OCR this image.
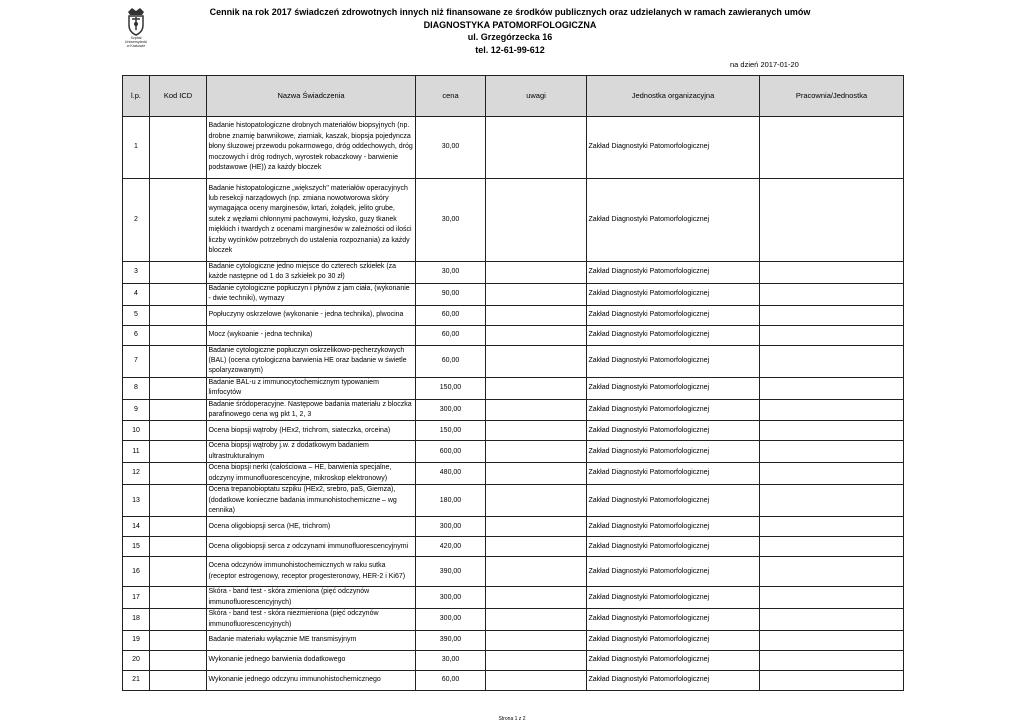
Szpital
Uniwersytecki
w Krakowie
Cennik na rok 2017 świadczeń zdrowotnych innych niż finansowane ze środków publicznych oraz udzielanych w ramach zawieranych umów
DIAGNOSTYKA PATOMORFOLOGICZNA
ul. Grzegórzecka 16
tel. 12-61-99-612
na dzień 2017-01-20
l.p.	Kod ICD	Nazwa Świadczenia	cena	uwagi	Jednostka organizacyjna	Pracownia/Jednostka
1		Badanie histopatologiczne drobnych materiałów biopsyjnych (np. drobne znamię barwnikowe, ziarniak, kaszak, biopsja pojedyncza błony śluzowej przewodu pokarmowego, dróg oddechowych, dróg moczowych i dróg rodnych, wyrostek robaczkowy - barwienie podstawowe (HE)) za każdy bloczek	30,00		Zakład Diagnostyki Patomorfologicznej	
2		Badanie histopatologiczne „większych" materiałów operacyjnych lub resekcji narządowych (np. zmiana nowotworowa skóry wymagająca oceny marginesów, krtań, żołądek, jelito grube, sutek z węzłami chłonnymi pachowymi, łożysko, guzy tkanek miękkich i twardych z ocenami marginesów w zależności od ilości liczby wycinków potrzebnych do ustalenia rozpoznania) za każdy bloczek	30,00		Zakład Diagnostyki Patomorfologicznej	
3		Badanie cytologiczne jedno miejsce do czterech szkiełek (za każde następne od 1 do 3 szkiełek po 30 zł)	30,00		Zakład Diagnostyki Patomorfologicznej	
4		Badanie cytologiczne popłuczyn i płynów z jam ciała, (wykonanie - dwie techniki), wymazy	90,00		Zakład Diagnostyki Patomorfologicznej	
5		Popłuczyny oskrzelowe (wykonanie - jedna technika), plwocina	60,00		Zakład Diagnostyki Patomorfologicznej	
6		Mocz (wykoanie - jedna technika)	60,00		Zakład Diagnostyki Patomorfologicznej	
7		Badanie cytologiczne popłuczyn oskrzelikowo-pęcherzykowych (BAL) (ocena cytologiczna barwienia HE oraz badanie w świetle spolaryzowanym)	60,00		Zakład Diagnostyki Patomorfologicznej	
8		Badanie BAL-u z immunocytochemicznym typowaniem limfocytów	150,00		Zakład Diagnostyki Patomorfologicznej	
9		Badanie śródoperacyjne. Następowe badania materiału z bloczka parafinowego cena wg pkt 1, 2, 3	300,00		Zakład Diagnostyki Patomorfologicznej	
10		Ocena biopsji wątroby (HEx2, trichrom, siateczka, orceina)	150,00		Zakład Diagnostyki Patomorfologicznej	
11		Ocena biopsji wątroby j.w. z dodatkowym badaniem ultrastrukturalnym	600,00		Zakład Diagnostyki Patomorfologicznej	
12		Ocena biopsji nerki (całościowa – HE, barwienia specjalne, odczyny immunofluorescencyjne, mikroskop elektronowy)	480,00		Zakład Diagnostyki Patomorfologicznej	
13		Ocena trepanobioptatu szpiku (HEx2, srebro, paS, Giemza), (dodatkowe konieczne badania immunohistochemiczne – wg cennika)	180,00		Zakład Diagnostyki Patomorfologicznej	
14		Ocena oligobiopsji serca (HE, trichrom)	300,00		Zakład Diagnostyki Patomorfologicznej	
15		Ocena oligobiopsji serca z odczynami immunofluorescencyjnymi	420,00		Zakład Diagnostyki Patomorfologicznej	
16		Ocena odczynów immunohistochemicznych w raku sutka (receptor estrogenowy, receptor progesteronowy, HER-2 i Ki67)	390,00		Zakład Diagnostyki Patomorfologicznej	
17		Skóra - band test - skóra zmieniona (pięć odczynów immunofluorescencyjnych)	300,00		Zakład Diagnostyki Patomorfologicznej	
18		Skóra - band test - skóra niezmieniona (pięć odczynów immunofluorescencyjnych)	300,00		Zakład Diagnostyki Patomorfologicznej	
19		Badanie materiału wyłącznie ME transmisyjnym	390,00		Zakład Diagnostyki Patomorfologicznej	
20		Wykonanie jednego barwienia dodatkowego	30,00		Zakład Diagnostyki Patomorfologicznej	
21		Wykonanie jednego odczynu immunohistochemicznego	60,00		Zakład Diagnostyki Patomorfologicznej	
Strona 1 z 2
